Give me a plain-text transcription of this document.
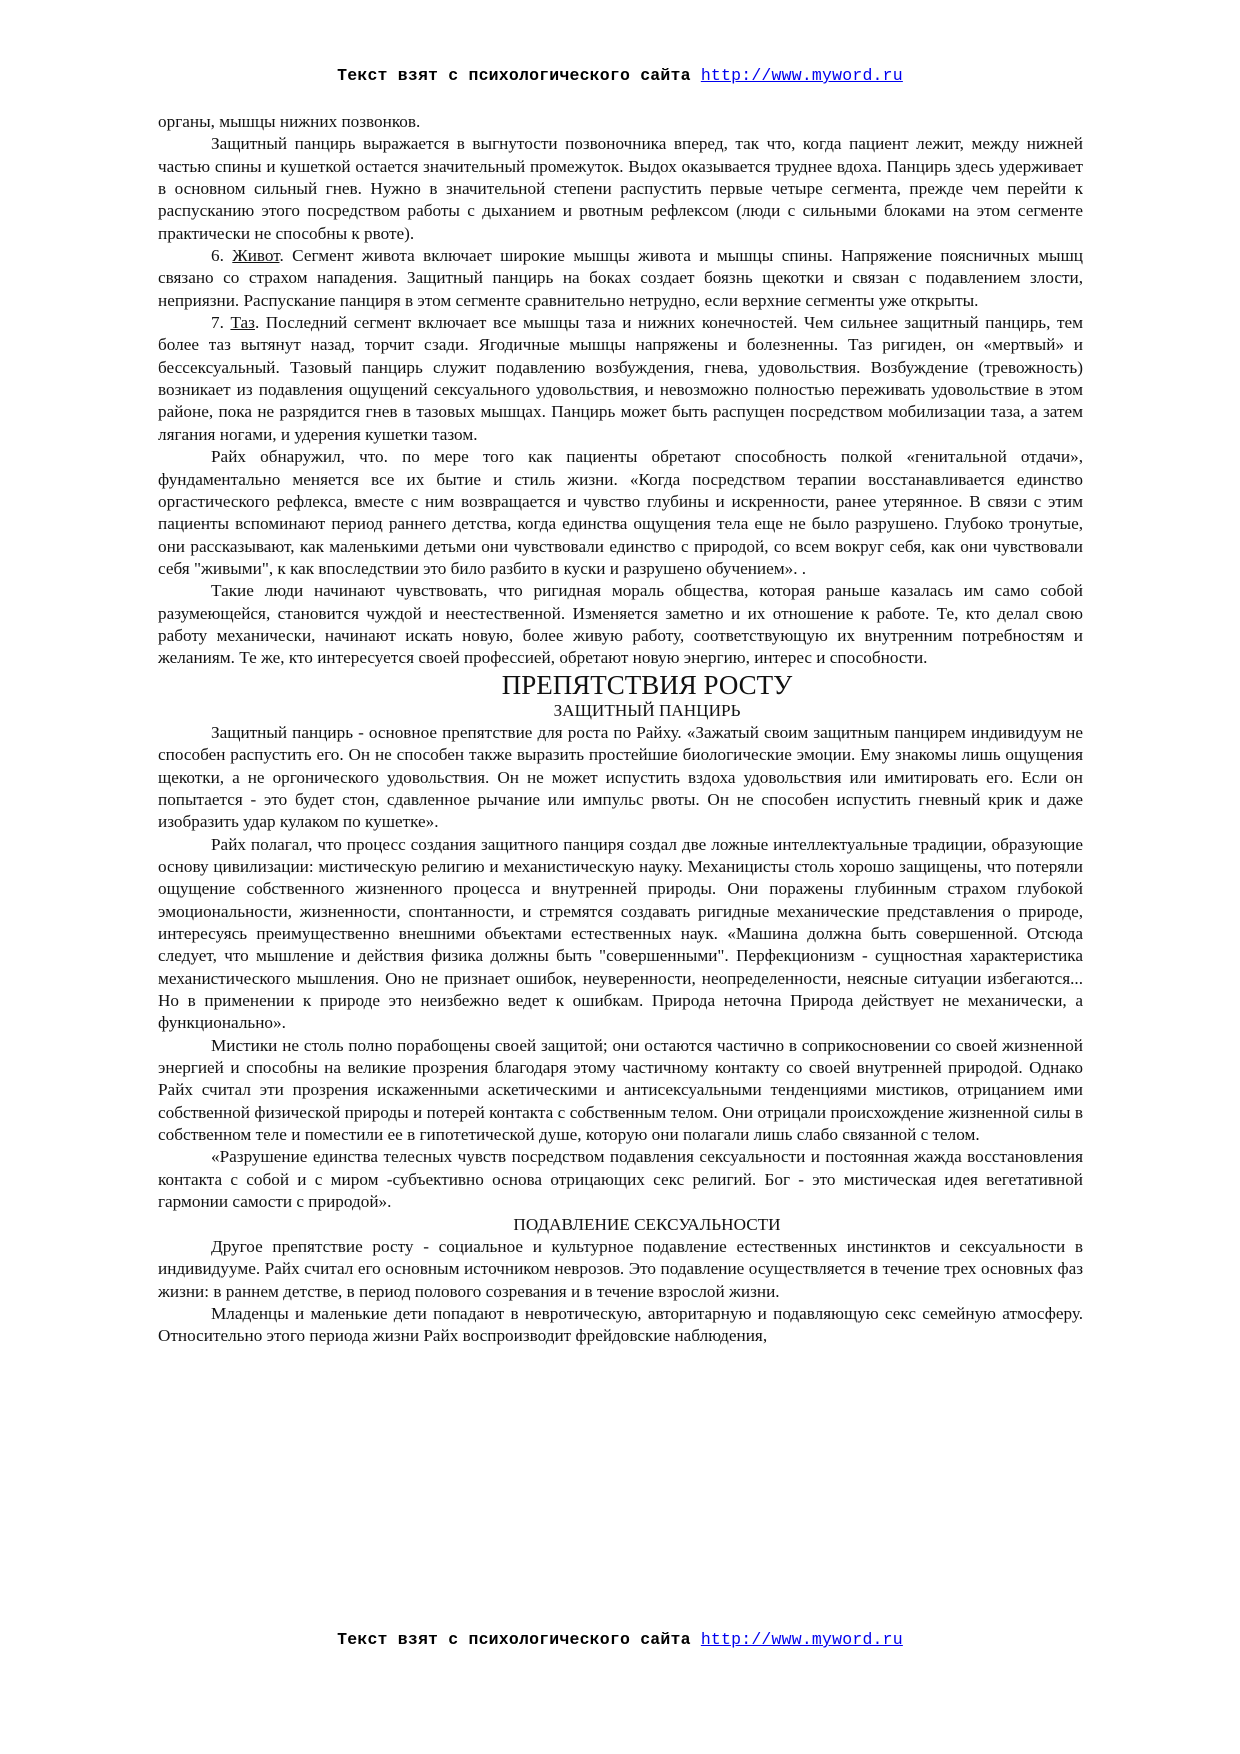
Текст взят с психологического сайта http://www.myword.ru

органы, мышцы нижних позвонков.

Защитный панцирь выражается в выгнутости позвоночника вперед, так что, когда пациент лежит, между нижней частью спины и кушеткой остается значительный промежуток. Выдох оказывается труднее вдоха. Панцирь здесь удерживает в основном сильный гнев. Нужно в значительной степени распустить первые четыре сегмента, прежде чем перейти к распусканию этого посредством работы с дыханием и рвотным рефлексом (люди с сильными блоками на этом сегменте практически не способны к рвоте).

6. Живот. Сегмент живота включает широкие мышцы живота и мышцы спины. Напряжение поясничных мышц связано со страхом нападения. Защитный панцирь на боках создает боязнь щекотки и связан с подавлением злости, неприязни. Распускание панциря в этом сегменте сравнительно нетрудно, если верхние сегменты уже открыты.

7. Таз. Последний сегмент включает все мышцы таза и нижних конечностей. Чем сильнее защитный панцирь, тем более таз вытянут назад, торчит сзади. Ягодичные мышцы напряжены и болезненны. Таз ригиден, он «мертвый» и бессексуальный. Тазовый панцирь служит подавлению возбуждения, гнева, удовольствия. Возбуждение (тревожность) возникает из подавления ощущений сексуального удовольствия, и невозможно полностью переживать удовольствие в этом районе, пока не разрядится гнев в тазовых мышцах. Панцирь может быть распущен посредством мобилизации таза, а затем лягания ногами, и удерения кушетки тазом.

Райх обнаружил, что. по мере того как пациенты обретают способность полкой «генитальной отдачи», фундаментально меняется все их бытие и стиль жизни. «Когда посредством терапии восстанавливается единство оргастического рефлекса, вместе с ним возвращается и чувство глубины и искренности, ранее утерянное. В связи с этим пациенты вспоминают период раннего детства, когда единства ощущения тела еще не было разрушено. Глубоко тронутые, они рассказывают, как маленькими детьми они чувствовали единство с природой, со всем вокруг себя, как они чувствовали себя "живыми", к как впоследствии это било разбито в куски и разрушено обучением». .

Такие люди начинают чувствовать, что ригидная мораль общества, которая раньше казалась им само собой разумеющейся, становится чуждой и неестественной. Изменяется заметно и их отношение к работе. Те, кто делал свою работу механически, начинают искать новую, более живую работу, соответствующую их внутренним потребностям и желаниям. Те же, кто интересуется своей профессией, обретают новую энергию, интерес и способности.

ПРЕПЯТСТВИЯ РОСТУ

ЗАЩИТНЫЙ ПАНЦИРЬ

Защитный панцирь - основное препятствие для роста по Райху. «Зажатый своим защитным панцирем индивидуум не способен распустить его. Он не способен также выразить простейшие биологические эмоции. Ему знакомы лишь ощущения щекотки, а не оргонического удовольствия. Он не может испустить вздоха удовольствия или имитировать его. Если он попытается - это будет стон, сдавленное рычание или импульс рвоты. Он не способен испустить гневный крик и даже изобразить удар кулаком по кушетке».

Райх полагал, что процесс создания защитного панциря создал две ложные интеллектуальные традиции, образующие основу цивилизации: мистическую религию и механистическую науку. Механицисты столь хорошо защищены, что потеряли ощущение собственного жизненного процесса и внутренней природы. Они поражены глубинным страхом глубокой эмоциональности, жизненности, спонтанности, и стремятся создавать ригидные механические представления о природе, интересуясь преимущественно внешними объектами естественных наук. «Машина должна быть совершенной. Отсюда следует, что мышление и действия физика должны быть "совершенными". Перфекционизм - сущностная характеристика механистического мышления. Оно не признает ошибок, неуверенности, неопределенности, неясные ситуации избегаются... Но в применении к природе это неизбежно ведет к ошибкам. Природа неточна Природа действует не механически, а функционально».

Мистики не столь полно порабощены своей защитой; они остаются частично в соприкосновении со своей жизненной энергией и способны на великие прозрения благодаря этому частичному контакту со своей внутренней природой. Однако Райх считал эти прозрения искаженными аскетическими и антисексуальными тенденциями мистиков, отрицанием ими собственной физической природы и потерей контакта с собственным телом. Они отрицали происхождение жизненной силы в собственном теле и поместили ее в гипотетической душе, которую они полагали лишь слабо связанной с телом.

«Разрушение единства телесных чувств посредством подавления сексуальности и постоянная жажда восстановления контакта с собой и с миром -субъективно основа отрицающих секс религий. Бог - это мистическая идея вегетативной гармонии самости с природой».

ПОДАВЛЕНИЕ СЕКСУАЛЬНОСТИ

Другое препятствие росту - социальное и культурное подавление естественных инстинктов и сексуальности в индивидууме. Райх считал его основным источником неврозов. Это подавление осуществляется в течение трех основных фаз жизни: в раннем детстве, в период полового созревания и в течение взрослой жизни.

Младенцы и маленькие дети попадают в невротическую, авторитарную и подавляющую секс семейную атмосферу. Относительно этого периода жизни Райх воспроизводит фрейдовские наблюдения,

Текст взят с психологического сайта http://www.myword.ru
